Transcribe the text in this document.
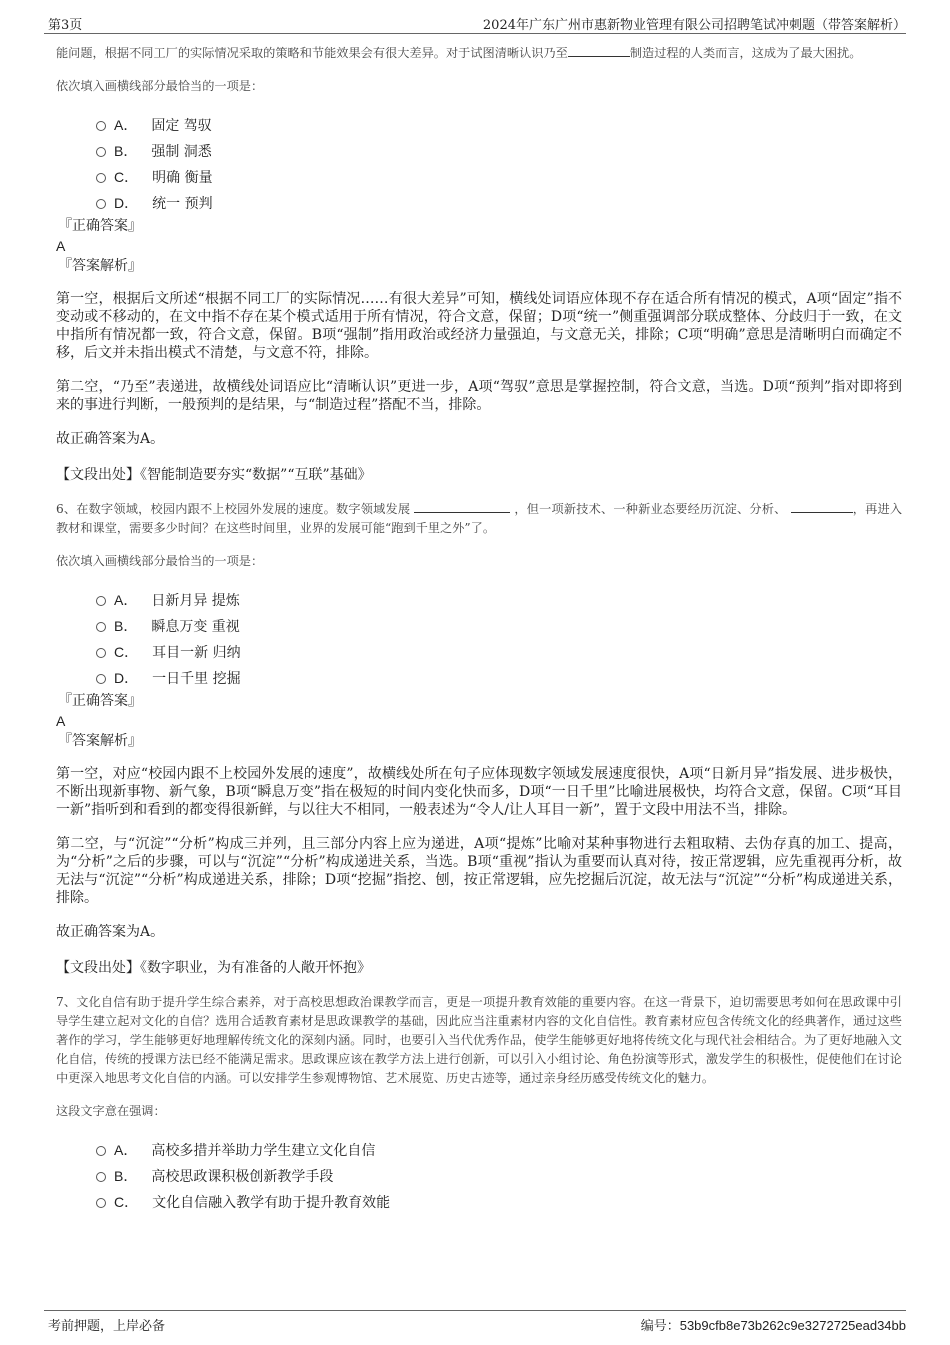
第3页	2024年广东广州市惠新物业管理有限公司招聘笔试冲刺题（带答案解析）
能问题，根据不同工厂的实际情况采取的策略和节能效果会有很大差异。对于试图清晰认识乃至	制造过程的人类而言，这成为了最大困扰。
依次填入画横线部分最恰当的一项是：
A． 固定 驾驭
B． 强制 洞悉
C． 明确 衡量
D． 统一 预判
『正确答案』
A
『答案解析』
第一空，根据后文所述“根据不同工厂的实际情况……有很大差异”可知，横线处词语应体现不存在适合所有情况的模式，A项“固定”指不变动或不移动的，在文中指不存在某个模式适用于所有情况，符合文意，保留；D项“统一”侧重强调部分联成整体、分歧归于一致，在文中指所有情况都一致，符合文意，保留。B项“强制”指用政治或经济力量强迫，与文意无关，排除；C项“明确”意思是清晰明白而确定不移，后文并未指出模式不清楚，与文意不符，排除。
第二空，“乃至”表递进，故横线处词语应比“清晰认识”更进一步，A项“驾驭”意思是掌握控制，符合文意，当选。D项“预判”指对即将到来的事进行判断，一般预判的是结果，与“制造过程”搭配不当，排除。
故正确答案为A。
【文段出处】《智能制造要夯实“数据”“互联”基础》
6、在数字领域，校园内跟不上校园外发展的速度。数字领域发展	，但一项新技术、一种新业态要经历沉淀、分析、	，再进入教材和课堂，需要多少时间？在这些时间里，业界的发展可能“跑到千里之外”了。
依次填入画横线部分最恰当的一项是：
A． 日新月异 提炼
B． 瞬息万变 重视
C． 耳目一新 归纳
D． 一日千里 挖掘
『正确答案』
A
『答案解析』
第一空，对应“校园内跟不上校园外发展的速度”，故横线处所在句子应体现数字领域发展速度很快，A项“日新月异”指发展、进步极快，不断出现新事物、新气象，B项“瞬息万变”指在极短的时间内变化快而多，D项“一日千里”比喻进展极快，均符合文意，保留。C项“耳目一新”指听到和看到的都变得很新鲜，与以往大不相同，一般表述为“令人/让人耳目一新”，置于文段中用法不当，排除。
第二空，与“沉淀”“分析”构成三并列，且三部分内容上应为递进，A项“提炼”比喻对某种事物进行去粗取精、去伪存真的加工、提高，为“分析”之后的步骤，可以与“沉淀”“分析”构成递进关系，当选。B项“重视”指认为重要而认真对待，按正常逻辑，应先重视再分析，故无法与“沉淀”“分析”构成递进关系，排除；D项“挖掘”指挖、刨，按正常逻辑，应先挖掘后沉淀，故无法与“沉淀”“分析”构成递进关系，排除。
故正确答案为A。
【文段出处】《数字职业，为有准备的人敞开怀抱》
7、文化自信有助于提升学生综合素养，对于高校思想政治课教学而言，更是一项提升教育效能的重要内容。在这一背景下，迫切需要思考如何在思政课中引导学生建立起对文化的自信？选用合适教育素材是思政课教学的基础，因此应当注重素材内容的文化自信性。教育素材应包含传统文化的经典著作，通过这些著作的学习，学生能够更好地理解传统文化的深刻内涵。同时，也要引入当代优秀作品，使学生能够更好地将传统文化与现代社会相结合。为了更好地融入文化自信，传统的授课方法已经不能满足需求。思政课应该在教学方法上进行创新，可以引入小组讨论、角色扮演等形式，激发学生的积极性，促使他们在讨论中更深入地思考文化自信的内涵。可以安排学生参观博物馆、艺术展览、历史古迹等，通过亲身经历感受传统文化的魅力。
这段文字意在强调：
A． 高校多措并举助力学生建立文化自信
B． 高校思政课积极创新教学手段
C． 文化自信融入教学有助于提升教育效能
考前押题，上岸必备	编号：53b9cfb8e73b262c9e3272725ead34bb
